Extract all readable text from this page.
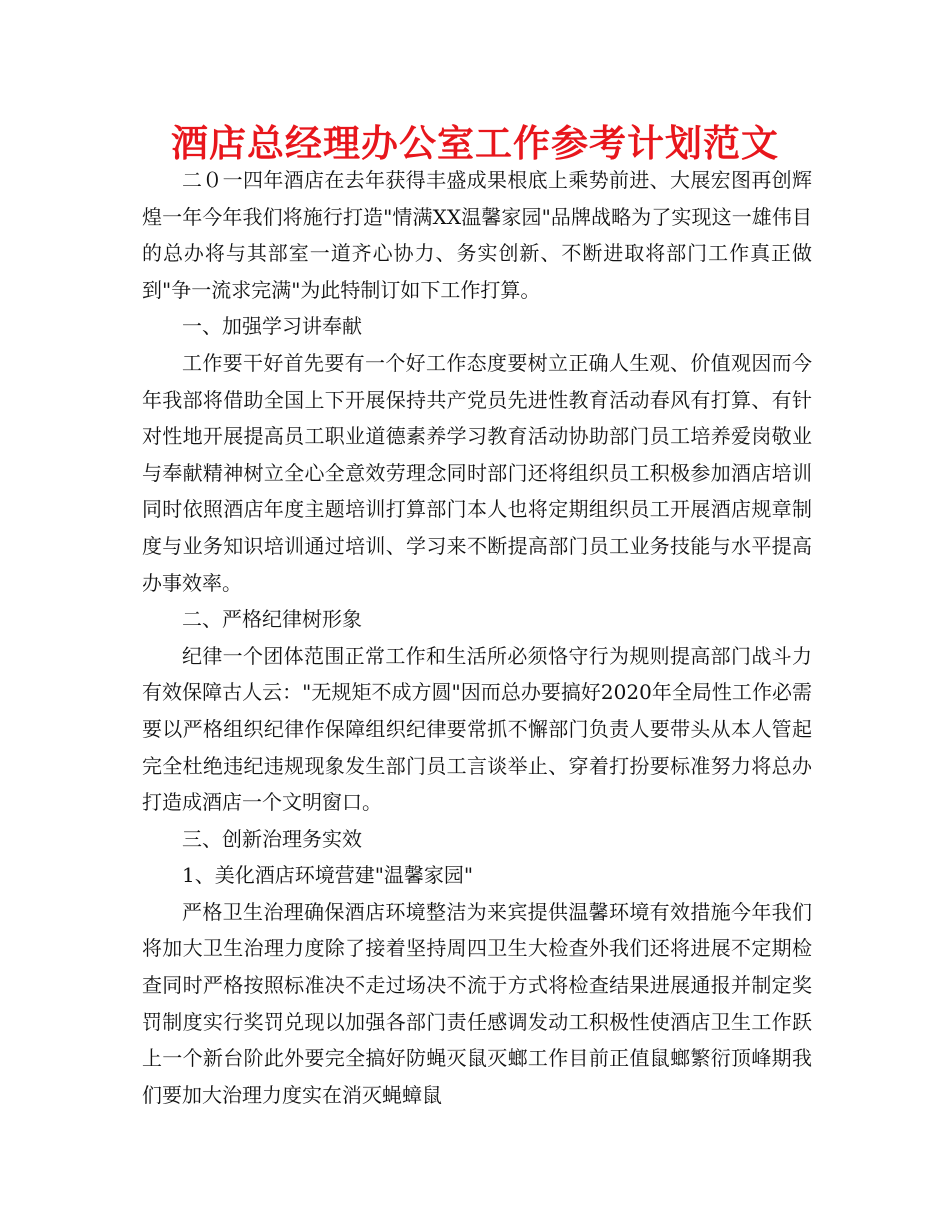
酒店总经理办公室工作参考计划范文

二０一四年酒店在去年获得丰盛成果根底上乘势前进、大展宏图再创辉煌一年今年我们将施行打造"情满XX温馨家园"品牌战略为了实现这一雄伟目的总办将与其部室一道齐心协力、务实创新、不断进取将部门工作真正做到"争一流求完满"为此特制订如下工作打算。

一、加强学习讲奉献

工作要干好首先要有一个好工作态度要树立正确人生观、价值观因而今年我部将借助全国上下开展保持共产党员先进性教育活动春风有打算、有针对性地开展提高员工职业道德素养学习教育活动协助部门员工培养爱岗敬业与奉献精神树立全心全意效劳理念同时部门还将组织员工积极参加酒店培训同时依照酒店年度主题培训打算部门本人也将定期组织员工开展酒店规章制度与业务知识培训通过培训、学习来不断提高部门员工业务技能与水平提高办事效率。

二、严格纪律树形象

纪律一个团体范围正常工作和生活所必须恪守行为规则提高部门战斗力有效保障古人云："无规矩不成方圆"因而总办要搞好2020年全局性工作必需要以严格组织纪律作保障组织纪律要常抓不懈部门负责人要带头从本人管起完全杜绝违纪违规现象发生部门员工言谈举止、穿着打扮要标准努力将总办打造成酒店一个文明窗口。

三、创新治理务实效

1、美化酒店环境营建"温馨家园"

严格卫生治理确保酒店环境整洁为来宾提供温馨环境有效措施今年我们将加大卫生治理力度除了接着坚持周四卫生大检查外我们还将进展不定期检查同时严格按照标准决不走过场决不流于方式将检查结果进展通报并制定奖罚制度实行奖罚兑现以加强各部门责任感调发动工积极性使酒店卫生工作跃上一个新台阶此外要完全搞好防蝇灭鼠灭螂工作目前正值鼠螂繁衍顶峰期我们要加大治理力度实在消灭蝇蟑鼠
